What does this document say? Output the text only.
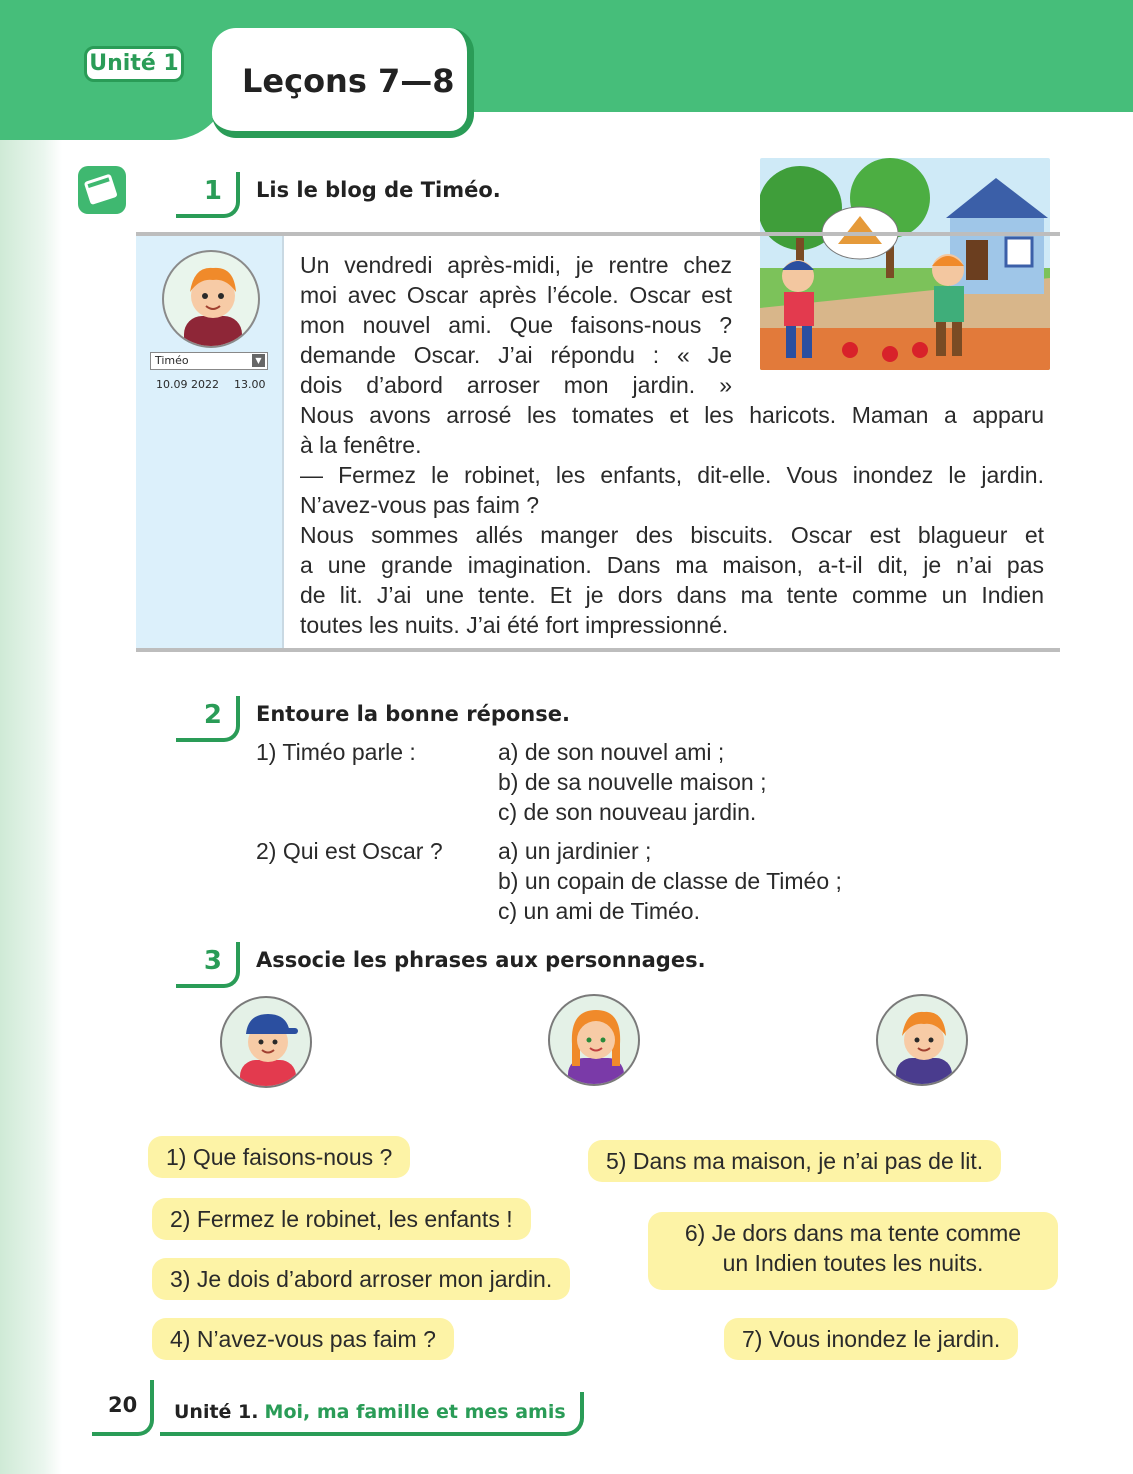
Unité 1 Leçons 7—8
1	Lis le blog de Timéo.
Timéo	▼
10.09 2022 13.00
Un vendredi après-midi, je rentre chez
moi avec Oscar après l’école. Oscar est
mon nouvel ami. Que faisons-nous ?
demande Oscar. J’ai répondu : « Je
dois d’abord arroser mon jardin. »
Nous avons arrosé les tomates et les haricots. Maman a apparu
à la fenêtre.
— Fermez le robinet, les enfants, dit-elle. Vous inondez le jardin.
N’avez-vous pas faim ?
Nous sommes allés manger des biscuits. Oscar est blagueur et
a une grande imagination. Dans ma maison, a-t-il dit, je n’ai pas
de lit. J’ai une tente. Et je dors dans ma tente comme un Indien
toutes les nuits. J’ai été fort impressionné.
2	Entoure la bonne réponse.
1) Timéo parle :	a) de son nouvel ami ;
b) de sa nouvelle maison ;
c) de son nouveau jardin.
2) Qui est Oscar ? a) un jardinier ;
b) un copain de classe de Timéo ;
c) un ami de Timéo.
3	Associe les phrases aux personnages.
1) Que faisons-nous ?
2) Fermez le robinet, les enfants !
3) Je dois d’abord arroser mon jardin.
4) N’avez-vous pas faim ?
5) Dans ma maison, je n’ai pas de lit.
6) Je dors dans ma tente comme
un Indien toutes les nuits.
7) Vous inondez le jardin.
20	Unité 1. Moi, ma famille et mes amis
